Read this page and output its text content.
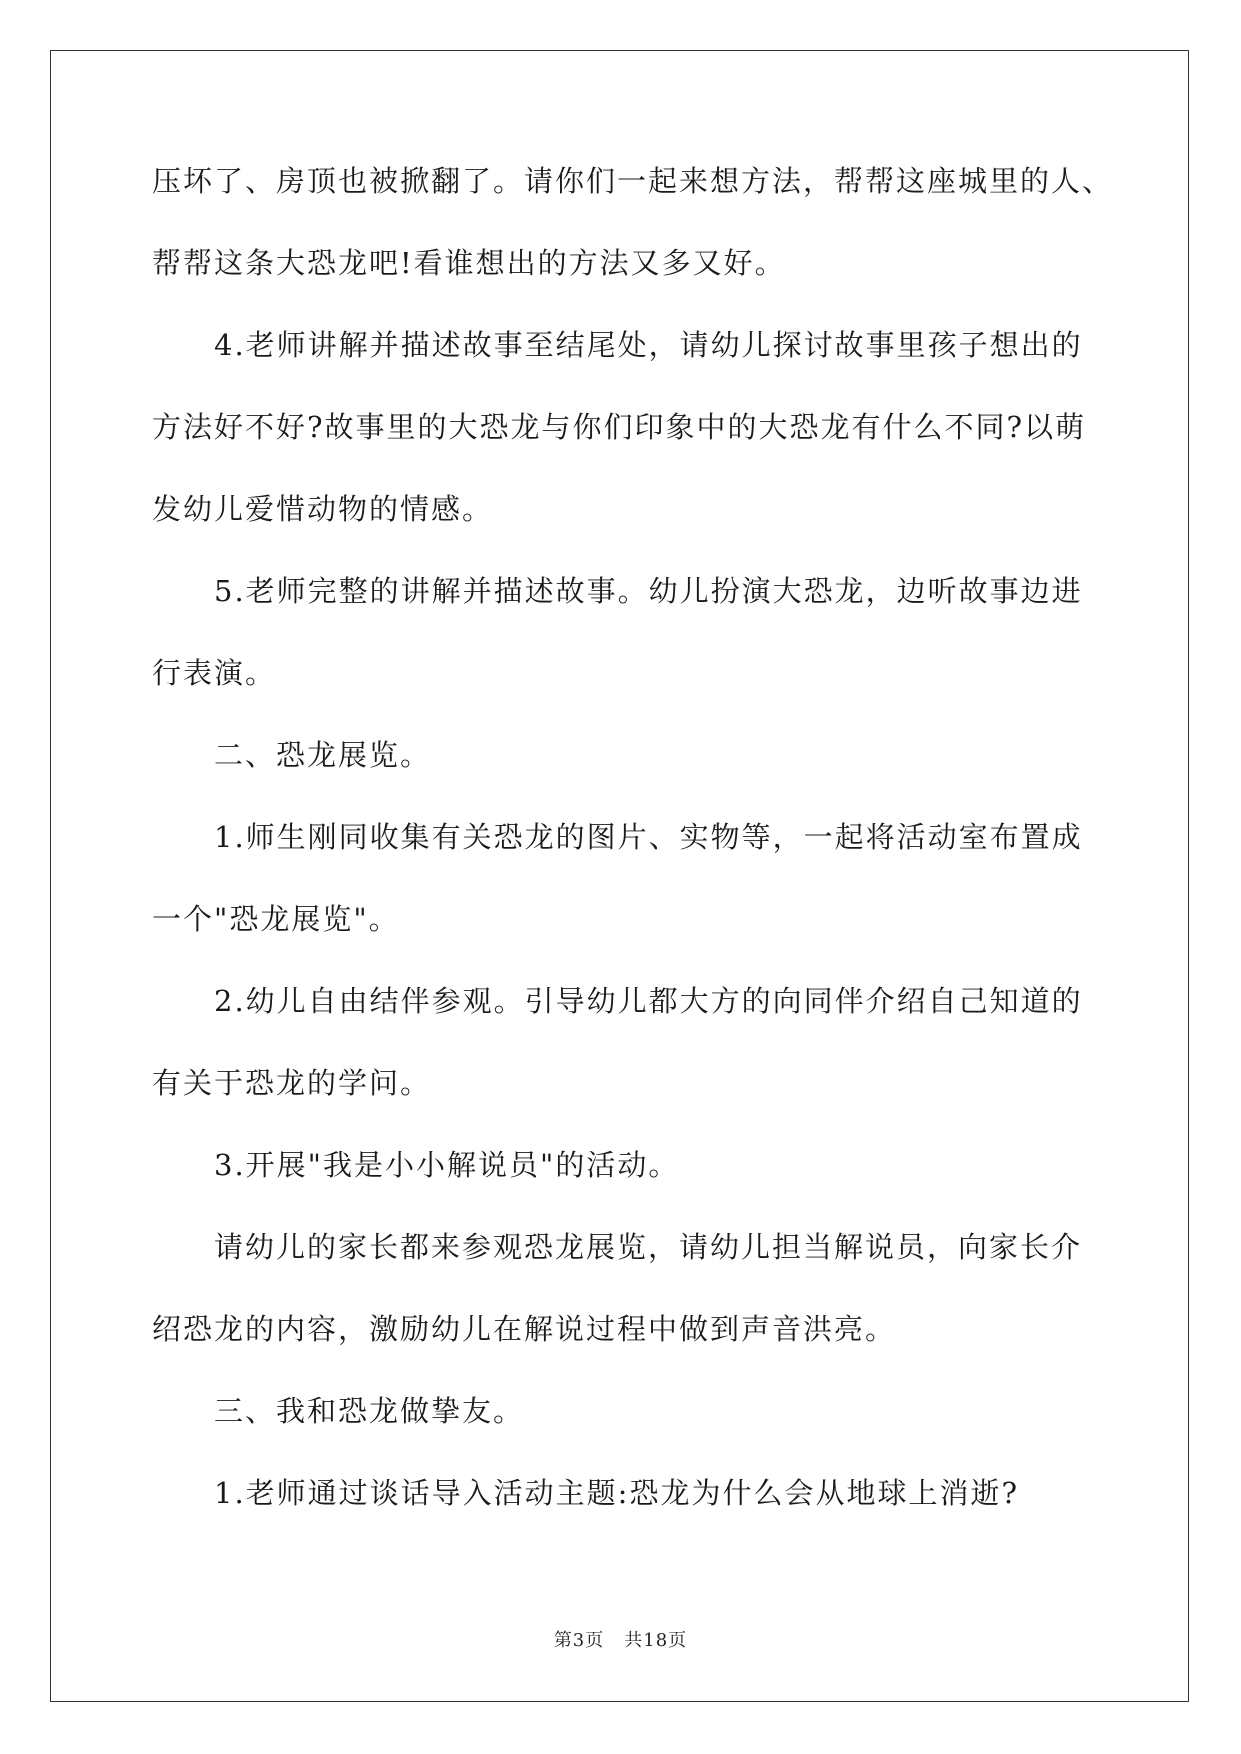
压坏了、房顶也被掀翻了。请你们一起来想方法，帮帮这座城里的人、

帮帮这条大恐龙吧!看谁想出的方法又多又好。

4.老师讲解并描述故事至结尾处，请幼儿探讨故事里孩子想出的

方法好不好?故事里的大恐龙与你们印象中的大恐龙有什么不同?以萌

发幼儿爱惜动物的情感。

5.老师完整的讲解并描述故事。幼儿扮演大恐龙，边听故事边进

行表演。

二、恐龙展览。

1.师生刚同收集有关恐龙的图片、实物等，一起将活动室布置成

一个"恐龙展览"。

2.幼儿自由结伴参观。引导幼儿都大方的向同伴介绍自己知道的

有关于恐龙的学问。

3.开展"我是小小解说员"的活动。

请幼儿的家长都来参观恐龙展览，请幼儿担当解说员，向家长介

绍恐龙的内容，激励幼儿在解说过程中做到声音洪亮。

三、我和恐龙做挚友。

1.老师通过谈话导入活动主题:恐龙为什么会从地球上消逝?

第3页 共18页
